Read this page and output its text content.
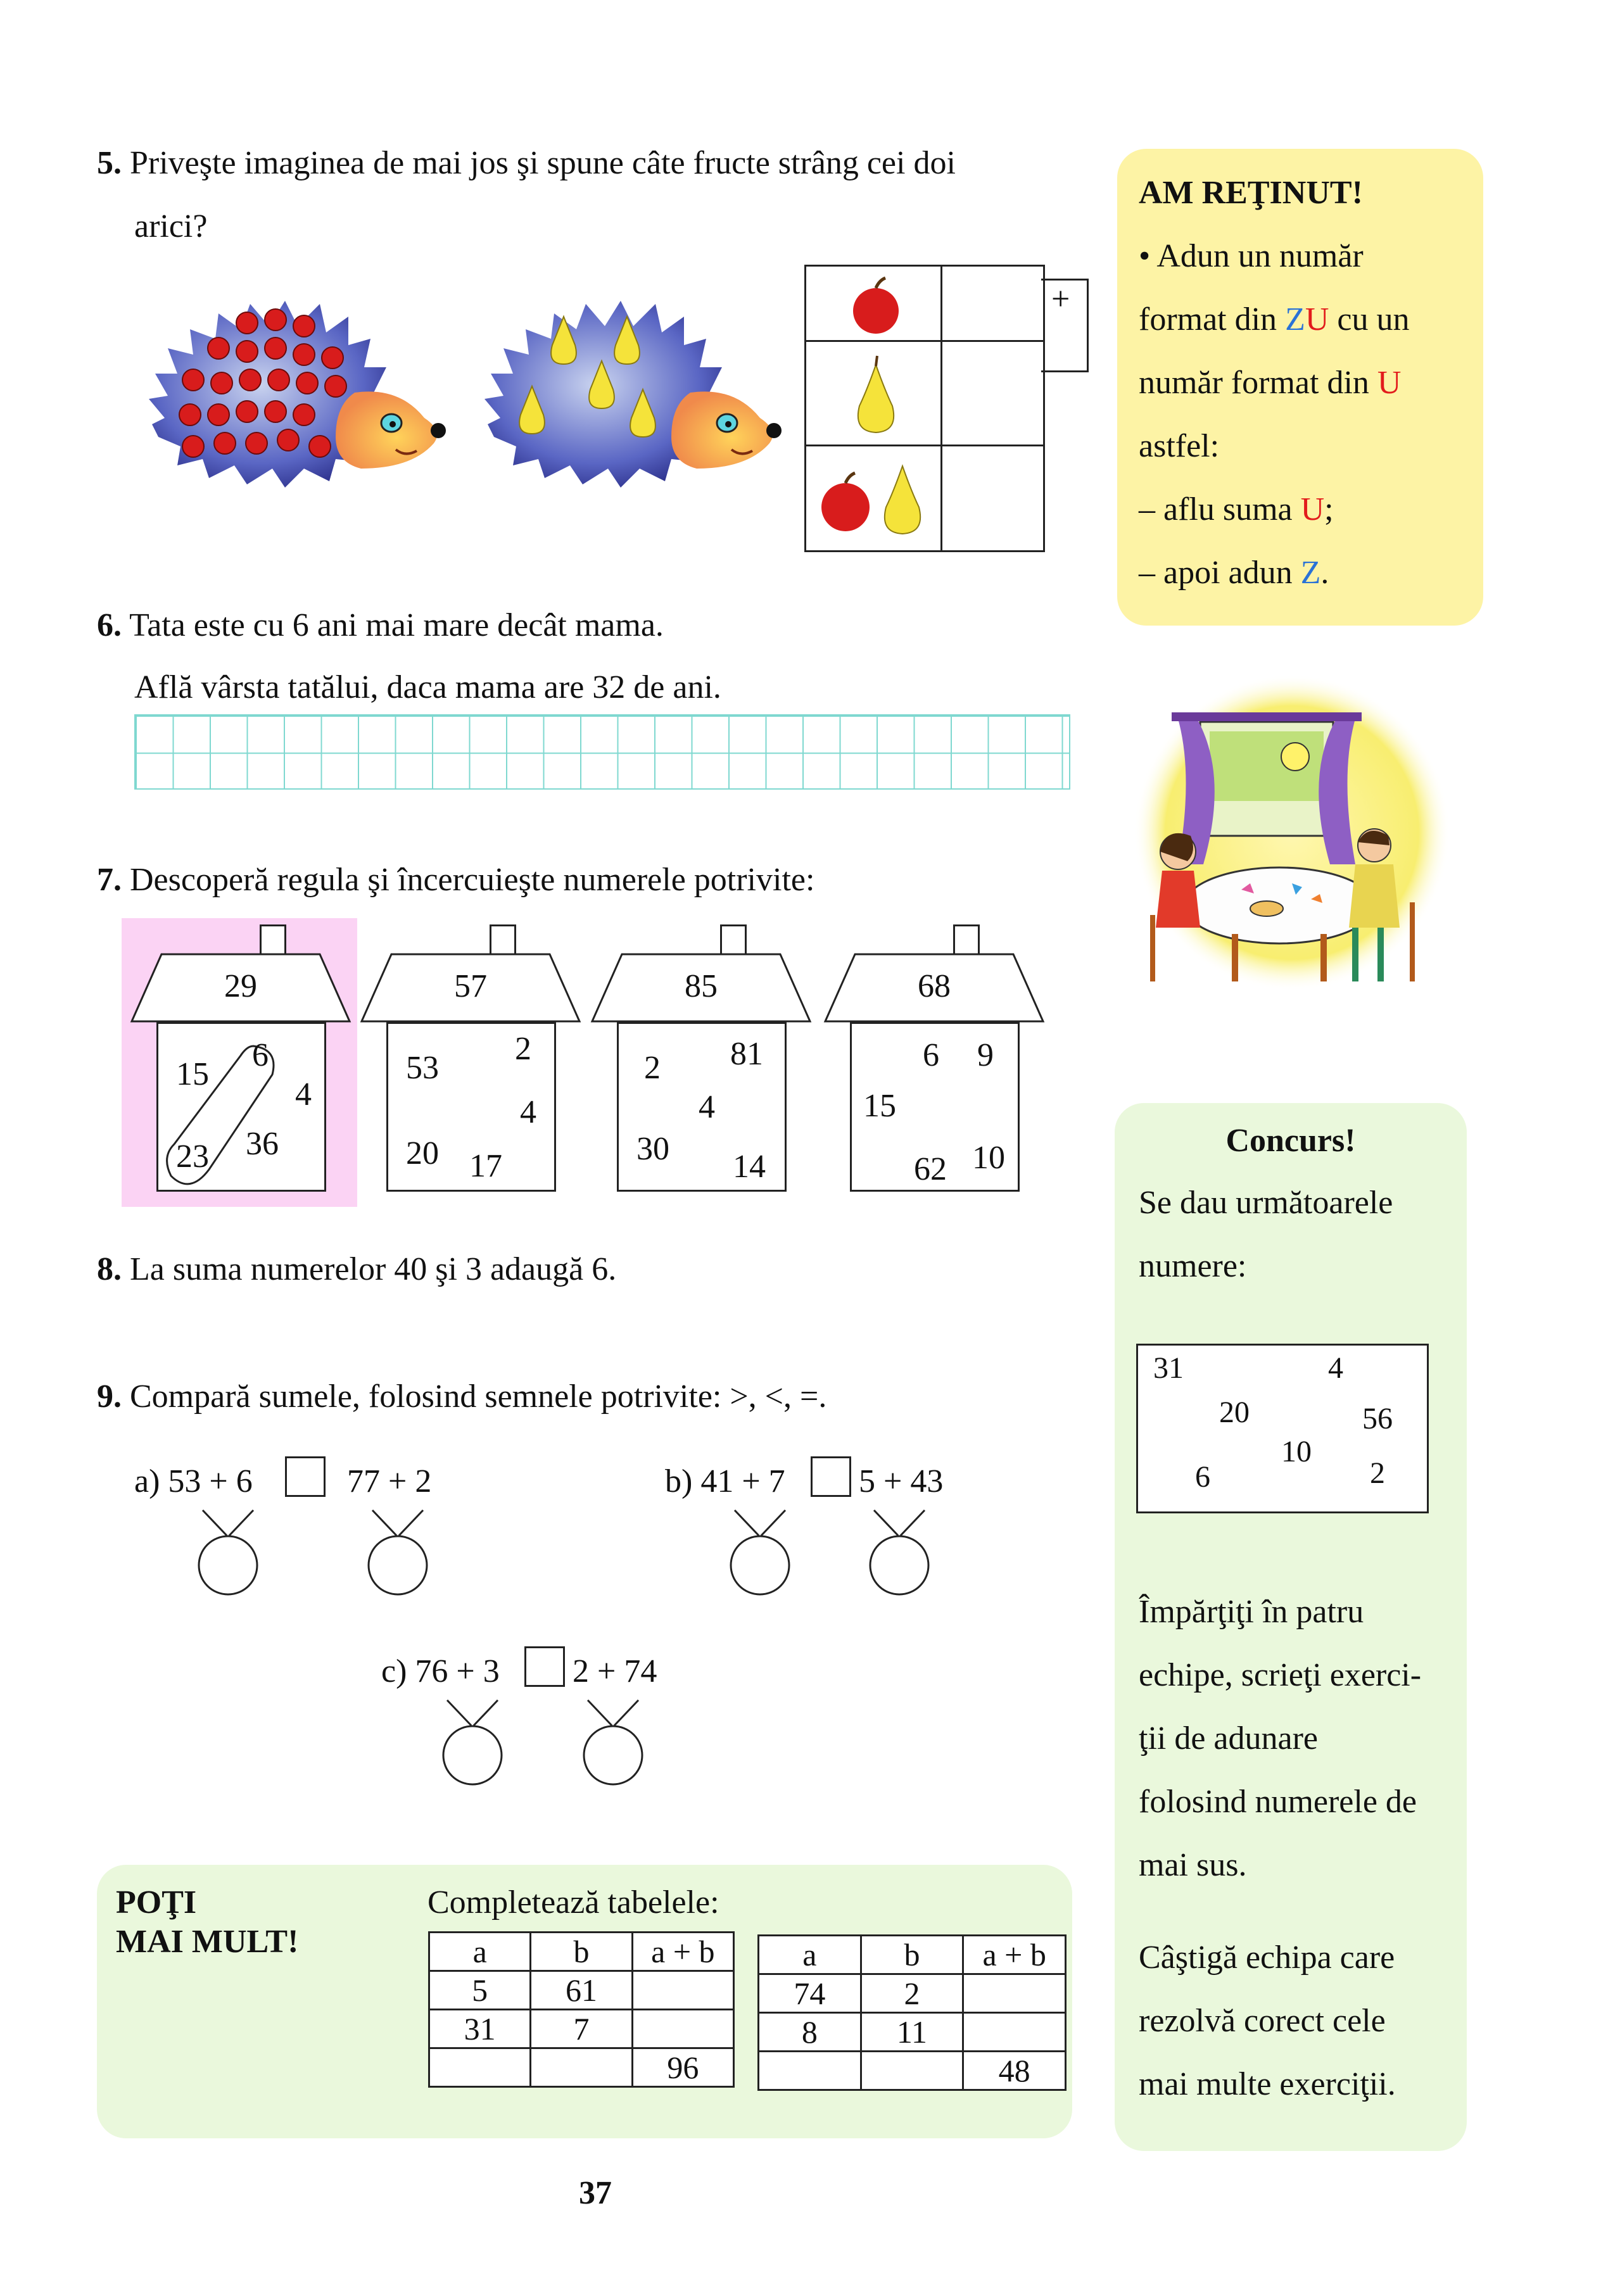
5. Priveşte imaginea de mai jos şi spune câte fructe strâng cei doi
arici?
+
AM REŢINUT!
• Adun un număr
format din ZU cu un
număr format din U
astfel:
– aflu suma U;
– apoi adun Z.
6. Tata este cu 6 ani mai mare decât mama.
Află vârsta tatălui, daca mama are 32 de ani.
7. Descoperă regula şi încercuieşte numerele potrivite:
29
15
6
4
23 36
57
53
2
4
20 17
85
2 81
4
30 14
68
6 9
15
62 10
8. La suma numerelor 40 şi 3 adaugă 6.
9. Compară sumele, folosind semnele potrivite: >, <, =.
a) 53 + 6	77 + 2	b) 41 + 7 5 + 43
c) 76 + 3 2 + 74
POŢI
MAI MULT!
Completează tabelele:
a	b	a + b
5	61	
31	7	
		96
a	b	a + b
74	2	
8	11	
		48
Concurs!
Se dau următoarele
numere:
31	4
20	56
10
6	2
Împărţiţi în patru
echipe, scrieţi exerci-
ţii de adunare
folosind numerele de
mai sus.
Câştigă echipa care
rezolvă corect cele
mai multe exerciţii.
37
